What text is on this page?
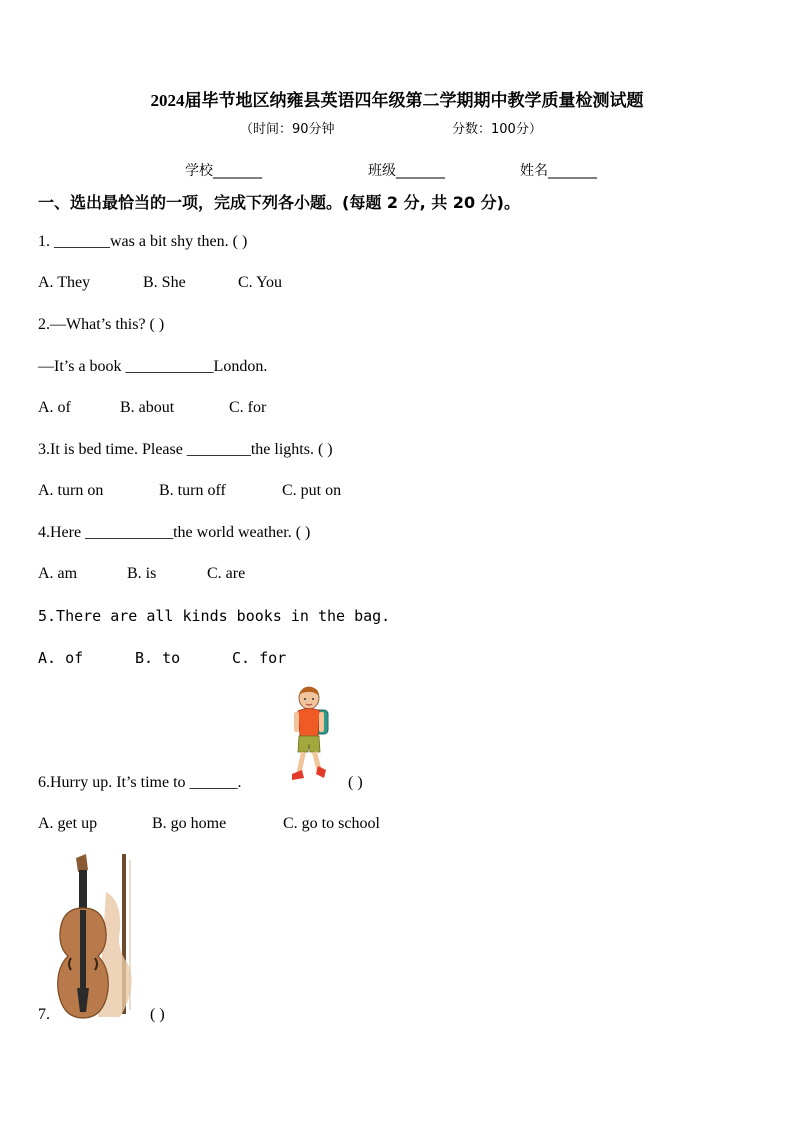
2024届毕节地区纳雍县英语四年级第二学期期中教学质量检测试题
（时间：90分钟	分数：100分）
学校_______	班级_______	姓名_______
一、选出最恰当的一项，完成下列各小题。(每题 2 分, 共 20 分)。
1. _______was a bit shy then. ( )
A. They	B. She	C. You
2.—What’s this? ( )
—It’s a book ___________London.
A. of	B. about	C. for
3.It is bed time. Please ________the lights. ( )
A. turn on	B. turn off	C. put on
4.Here ___________the world weather. ( )
A. am	B. is	C. are
5.There are all kinds books in the bag.
A. of	B. to	C. for
6.Hurry up. It’s time to ______.	( )
A. get up	B. go home	C. go to school
7.	( )
